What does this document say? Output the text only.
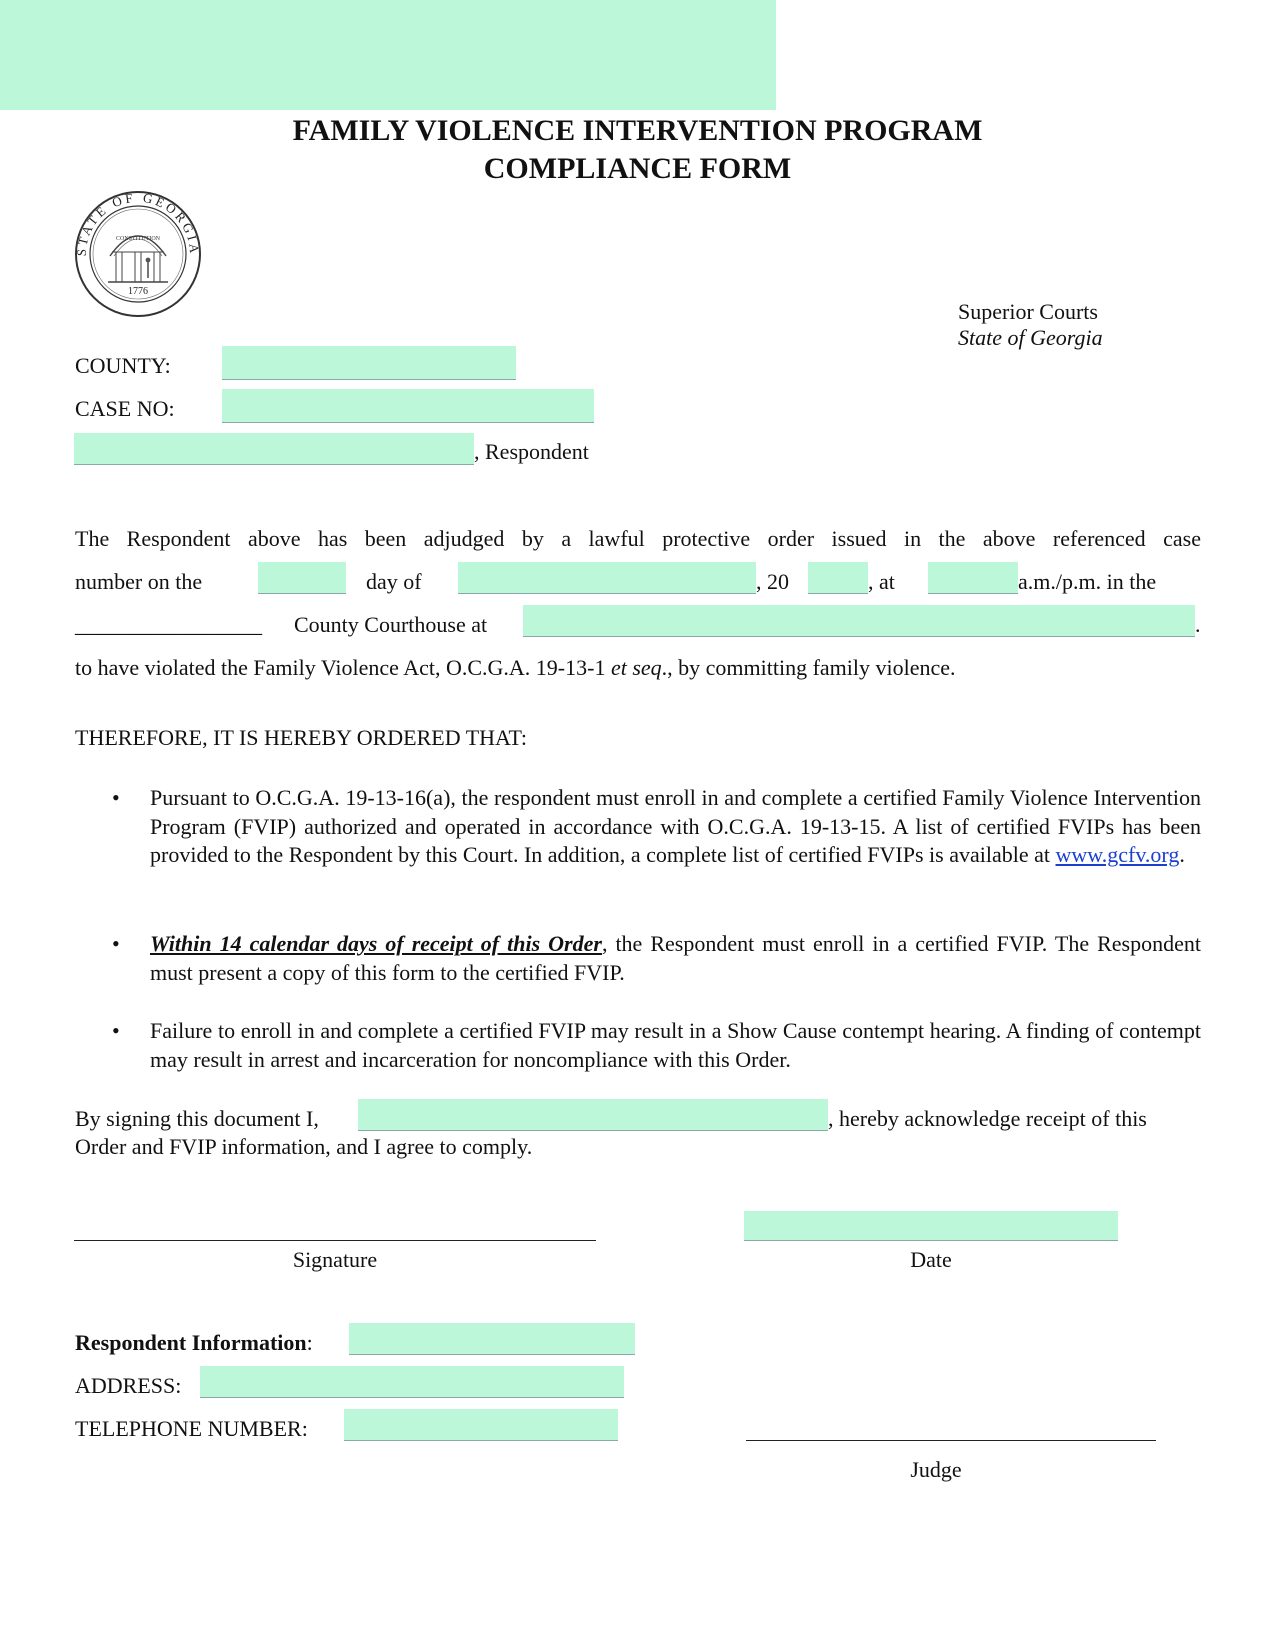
FAMILY VIOLENCE INTERVENTION PROGRAM
COMPLIANCE FORM
STATE OF GEORGIA
CONSTITUTION
1776
Superior Courts
State of Georgia
COUNTY:
CASE NO:
, Respondent
The Respondent above has been adjudged by a lawful protective order issued in the above referenced case
number on the	day of	, 20	, at	a.m./p.m. in the
_________________ County Courthouse at	.
to have violated the Family Violence Act, O.C.G.A. 19-13-1 et seq., by committing family violence.
THEREFORE, IT IS HEREBY ORDERED THAT:
• Pursuant to O.C.G.A. 19-13-16(a), the respondent must enroll in and complete a certified Family Violence Intervention Program (FVIP) authorized and operated in accordance with O.C.G.A. 19-13-15. A list of certified FVIPs has been provided to the Respondent by this Court. In addition, a complete list of certified FVIPs is available at www.gcfv.org.
• Within 14 calendar days of receipt of this Order, the Respondent must enroll in a certified FVIP. The Respondent must present a copy of this form to the certified FVIP.
• Failure to enroll in and complete a certified FVIP may result in a Show Cause contempt hearing. A finding of contempt may result in arrest and incarceration for noncompliance with this Order.
By signing this document I,	, hereby acknowledge receipt of this
Order and FVIP information, and I agree to comply.
Signature	Date
Respondent Information:
ADDRESS:
TELEPHONE NUMBER:
Judge
